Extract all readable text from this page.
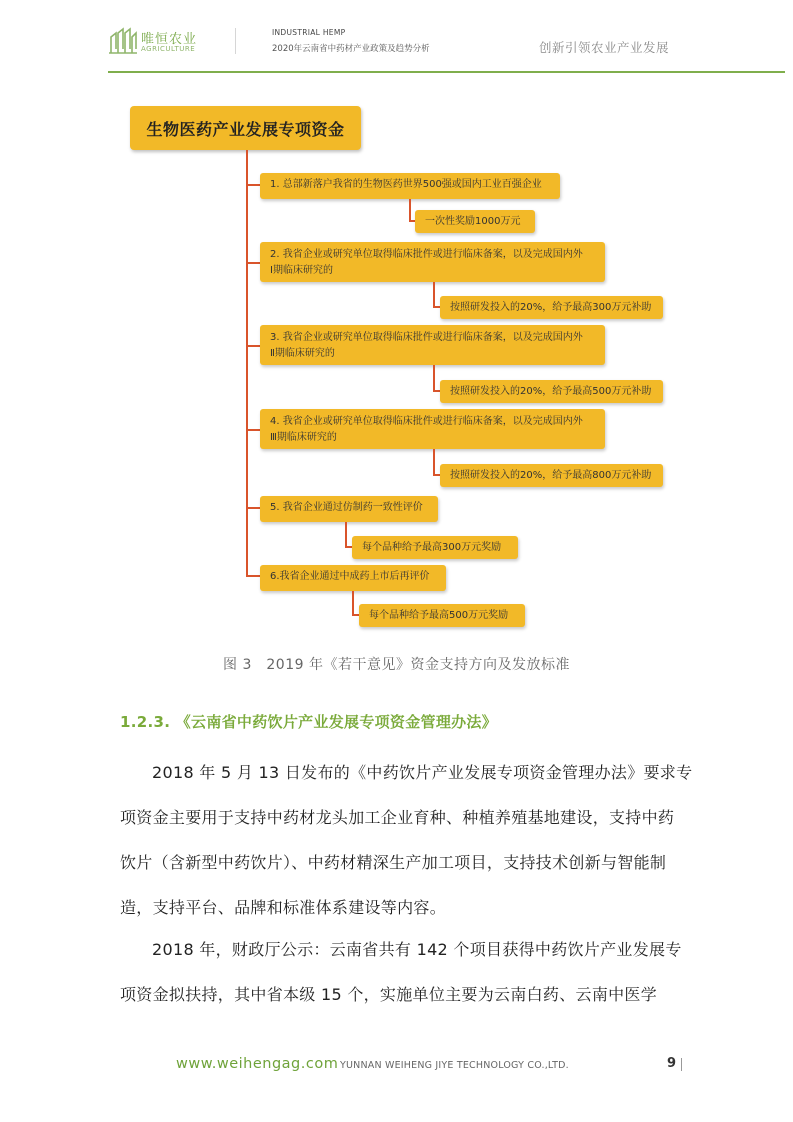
唯恒农业
AGRICULTURE
INDUSTRIAL HEMP
2020年云南省中药材产业政策及趋势分析	创新引领农业产业发展
生物医药产业发展专项资金
1. 总部新落户我省的生物医药世界500强或国内工业百强企业
一次性奖励1000万元
2. 我省企业或研究单位取得临床批件或进行临床备案，以及完成国内外
Ⅰ期临床研究的
按照研发投入的20%，给予最高300万元补助
3. 我省企业或研究单位取得临床批件或进行临床备案，以及完成国内外
Ⅱ期临床研究的
按照研发投入的20%，给予最高500万元补助
4. 我省企业或研究单位取得临床批件或进行临床备案，以及完成国内外
Ⅲ期临床研究的
按照研发投入的20%，给予最高800万元补助
5. 我省企业通过仿制药一致性评价
每个品种给予最高300万元奖励
6.我省企业通过中成药上市后再评价
每个品种给予最高500万元奖励
图 3　2019 年《若干意见》资金支持方向及发放标准
1.2.3. 《云南省中药饮片产业发展专项资金管理办法》
2018 年 5 月 13 日发布的《中药饮片产业发展专项资金管理办法》要求专
项资金主要用于支持中药材龙头加工企业育种、种植养殖基地建设，支持中药
饮片（含新型中药饮片）、中药材精深生产加工项目，支持技术创新与智能制
造，支持平台、品牌和标准体系建设等内容。
2018 年，财政厅公示：云南省共有 142 个项目获得中药饮片产业发展专
项资金拟扶持，其中省本级 15 个，实施单位主要为云南白药、云南中医学
www.weihengag.com YUNNAN WEIHENG JIYE TECHNOLOGY CO.,LTD.	9
